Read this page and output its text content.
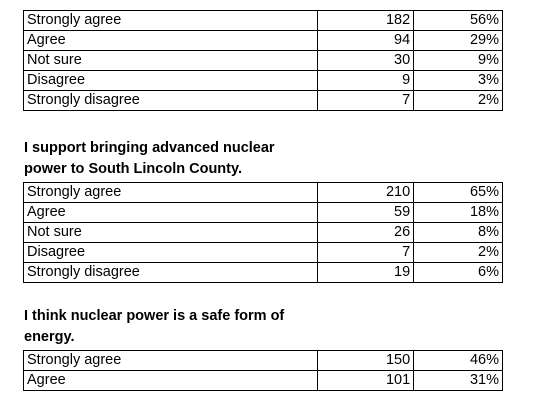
Strongly agree	182	56%
Agree	94	29%
Not sure	30	9%
Disagree	9	3%
Strongly disagree	7	2%
I support bringing advanced nuclear
power to South Lincoln County.
Strongly agree	210	65%
Agree	59	18%
Not sure	26	8%
Disagree	7	2%
Strongly disagree	19	6%
I think nuclear power is a safe form of
energy.
Strongly agree	150	46%
Agree	101	31%
